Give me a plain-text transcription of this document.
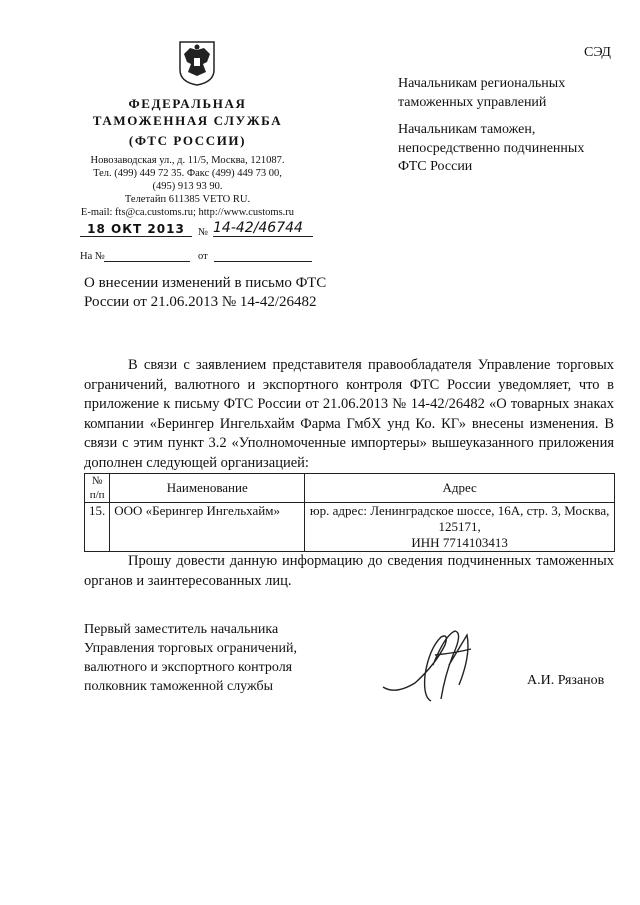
ФЕДЕРАЛЬНАЯ
ТАМОЖЕННАЯ СЛУЖБА
(ФТС РОССИИ)
Новозаводская ул., д. 11/5, Москва, 121087.
Тел. (499) 449 72 35. Факс (499) 449 73 00,
(495) 913 93 90.
Телетайп 611385 VETO RU.
E-mail: fts@ca.customs.ru; http://www.customs.ru
18 ОКТ 2013	№ 14-42/46744
На №	от
СЭД
Начальникам региональных
таможенных управлений
Начальникам таможен,
непосредственно подчиненных
ФТС России
О внесении изменений в письмо ФТС
России от 21.06.2013 № 14-42/26482

В связи с заявлением представителя правообладателя Управление торговых ограничений, валютного и экспортного контроля ФТС России уведомляет, что в приложение к письму ФТС России от 21.06.2013 № 14-42/26482 «О товарных знаках компании «Берингер Ингельхайм Фарма ГмбХ унд Ко. КГ» внесены изменения. В связи с этим пункт 3.2 «Уполномоченные импортеры» вышеуказанного приложения дополнен следующей организацией:

№
п/п	Наименование	Адрес
15.	ООО «Берингер Ингельхайм»	юр. адрес: Ленинградское шоссе, 16А, стр. 3, Москва,
125171,
ИНН 7714103413

Прошу довести данную информацию до сведения подчиненных таможенных органов и заинтересованных лиц.

Первый заместитель начальника
Управления торговых ограничений,
валютного и экспортного контроля
полковник таможенной службы	А.И. Рязанов
